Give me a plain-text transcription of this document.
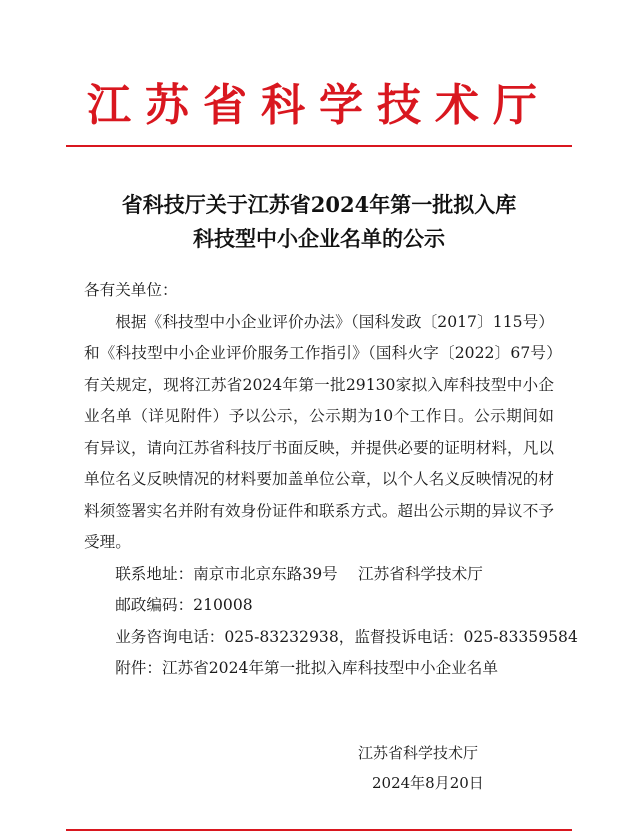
江苏省科学技术厅
省科技厅关于江苏省2024年第一批拟入库
科技型中小企业名单的公示

各有关单位：

根据《科技型中小企业评价办法》（国科发政〔2017〕115号）和《科技型中小企业评价服务工作指引》（国科火字〔2022〕67号）有关规定，现将江苏省2024年第一批29130家拟入库科技型中小企业名单（详见附件）予以公示，公示期为10个工作日。公示期间如有异议，请向江苏省科技厅书面反映，并提供必要的证明材料，凡以单位名义反映情况的材料要加盖单位公章，以个人名义反映情况的材料须签署实名并附有效身份证件和联系方式。超出公示期的异议不予受理。

联系地址：南京市北京东路39号 江苏省科学技术厅

邮政编码：210008

业务咨询电话：025-83232938，监督投诉电话：025-83359584

附件：江苏省2024年第一批拟入库科技型中小企业名单

江苏省科学技术厅
2024年8月20日
